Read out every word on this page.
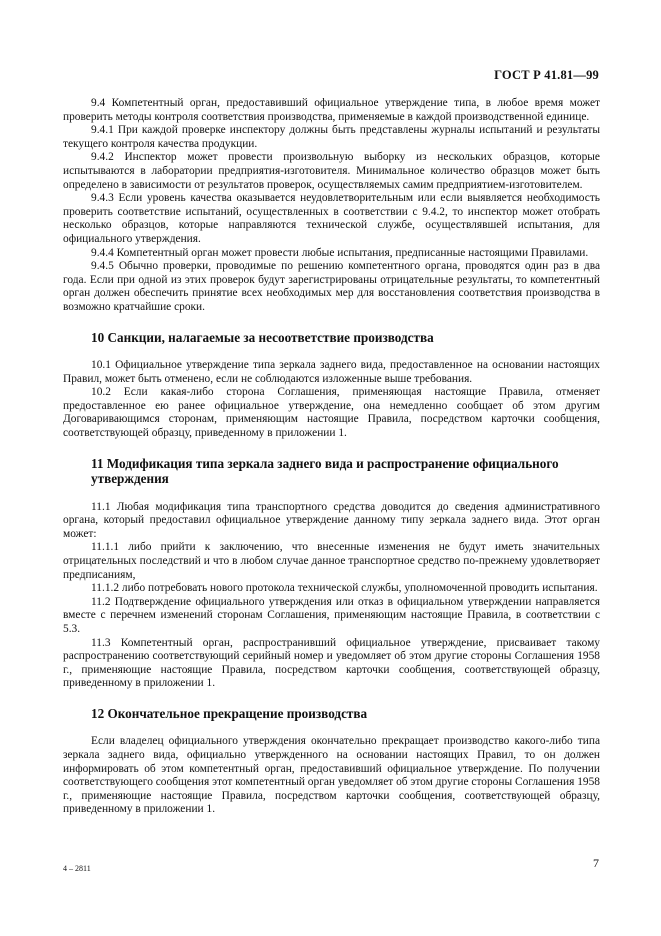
ГОСТ Р 41.81—99

9.4 Компетентный орган, предоставивший официальное утверждение типа, в любое время может проверить методы контроля соответствия производства, применяемые в каждой производственной единице.

9.4.1 При каждой проверке инспектору должны быть представлены журналы испытаний и результаты текущего контроля качества продукции.

9.4.2 Инспектор может провести произвольную выборку из нескольких образцов, которые испытываются в лаборатории предприятия-изготовителя. Минимальное количество образцов может быть определено в зависимости от результатов проверок, осуществляемых самим предприятием-изготовителем.

9.4.3 Если уровень качества оказывается неудовлетворительным или если выявляется необходимость проверить соответствие испытаний, осуществленных в соответствии с 9.4.2, то инспектор может отобрать несколько образцов, которые направляются технической службе, осуществлявшей испытания, для официального утверждения.

9.4.4 Компетентный орган может провести любые испытания, предписанные настоящими Правилами.

9.4.5 Обычно проверки, проводимые по решению компетентного органа, проводятся один раз в два года. Если при одной из этих проверок будут зарегистрированы отрицательные результаты, то компетентный орган должен обеспечить принятие всех необходимых мер для восстановления соответствия производства в возможно кратчайшие сроки.

10 Санкции, налагаемые за несоответствие производства

10.1 Официальное утверждение типа зеркала заднего вида, предоставленное на основании настоящих Правил, может быть отменено, если не соблюдаются изложенные выше требования.

10.2 Если какая-либо сторона Соглашения, применяющая настоящие Правила, отменяет предоставленное ею ранее официальное утверждение, она немедленно сообщает об этом другим Договаривающимся сторонам, применяющим настоящие Правила, посредством карточки сообщения, соответствующей образцу, приведенному в приложении 1.

11 Модификация типа зеркала заднего вида и распространение официального утверждения

11.1 Любая модификация типа транспортного средства доводится до сведения административного органа, который предоставил официальное утверждение данному типу зеркала заднего вида. Этот орган может:

11.1.1 либо прийти к заключению, что внесенные изменения не будут иметь значительных отрицательных последствий и что в любом случае данное транспортное средство по-прежнему удовлетворяет предписаниям,

11.1.2 либо потребовать нового протокола технической службы, уполномоченной проводить испытания.

11.2 Подтверждение официального утверждения или отказ в официальном утверждении направляется вместе с перечнем изменений сторонам Соглашения, применяющим настоящие Правила, в соответствии с 5.3.

11.3 Компетентный орган, распространивший официальное утверждение, присваивает такому распространению соответствующий серийный номер и уведомляет об этом другие стороны Соглашения 1958 г., применяющие настоящие Правила, посредством карточки сообщения, соответствующей образцу, приведенному в приложении 1.

12 Окончательное прекращение производства

Если владелец официального утверждения окончательно прекращает производство какого-либо типа зеркала заднего вида, официально утвержденного на основании настоящих Правил, то он должен информировать об этом компетентный орган, предоставивший официальное утверждение. По получении соответствующего сообщения этот компетентный орган уведомляет об этом другие стороны Соглашения 1958 г., применяющие настоящие Правила, посредством карточки сообщения, соответствующей образцу, приведенному в приложении 1.

4 – 2811	7
